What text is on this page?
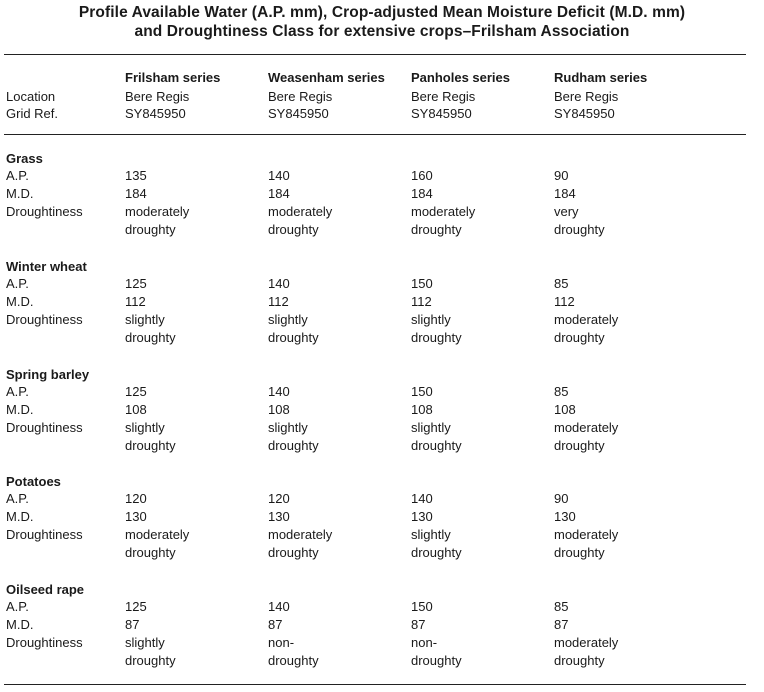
Profile Available Water (A.P. mm), Crop-adjusted Mean Moisture Deficit (M.D. mm)
and Droughtiness Class for extensive crops–Frilsham Association
Location
Grid Ref.
Frilsham series
Bere Regis
SY845950
Weasenham series
Bere Regis
SY845950
Panholes series
Bere Regis
SY845950
Rudham series
Bere Regis
SY845950
Grass
A.P.
M.D.
Droughtiness
135
184
moderately
droughty
140
184
moderately
droughty
160
184
moderately
droughty
90
184
very
droughty
Winter wheat
A.P.
M.D.
Droughtiness
125
112
slightly
droughty
140
112
slightly
droughty
150
112
slightly
droughty
85
112
moderately
droughty
Spring barley
A.P.
M.D.
Droughtiness
125
108
slightly
droughty
140
108
slightly
droughty
150
108
slightly
droughty
85
108
moderately
droughty
Potatoes
A.P.
M.D.
Droughtiness
120
130
moderately
droughty
120
130
moderately
droughty
140
130
slightly
droughty
90
130
moderately
droughty
Oilseed rape
A.P.
M.D.
Droughtiness
125
87
slightly
droughty
140
87
non-
droughty
150
87
non-
droughty
85
87
moderately
droughty
